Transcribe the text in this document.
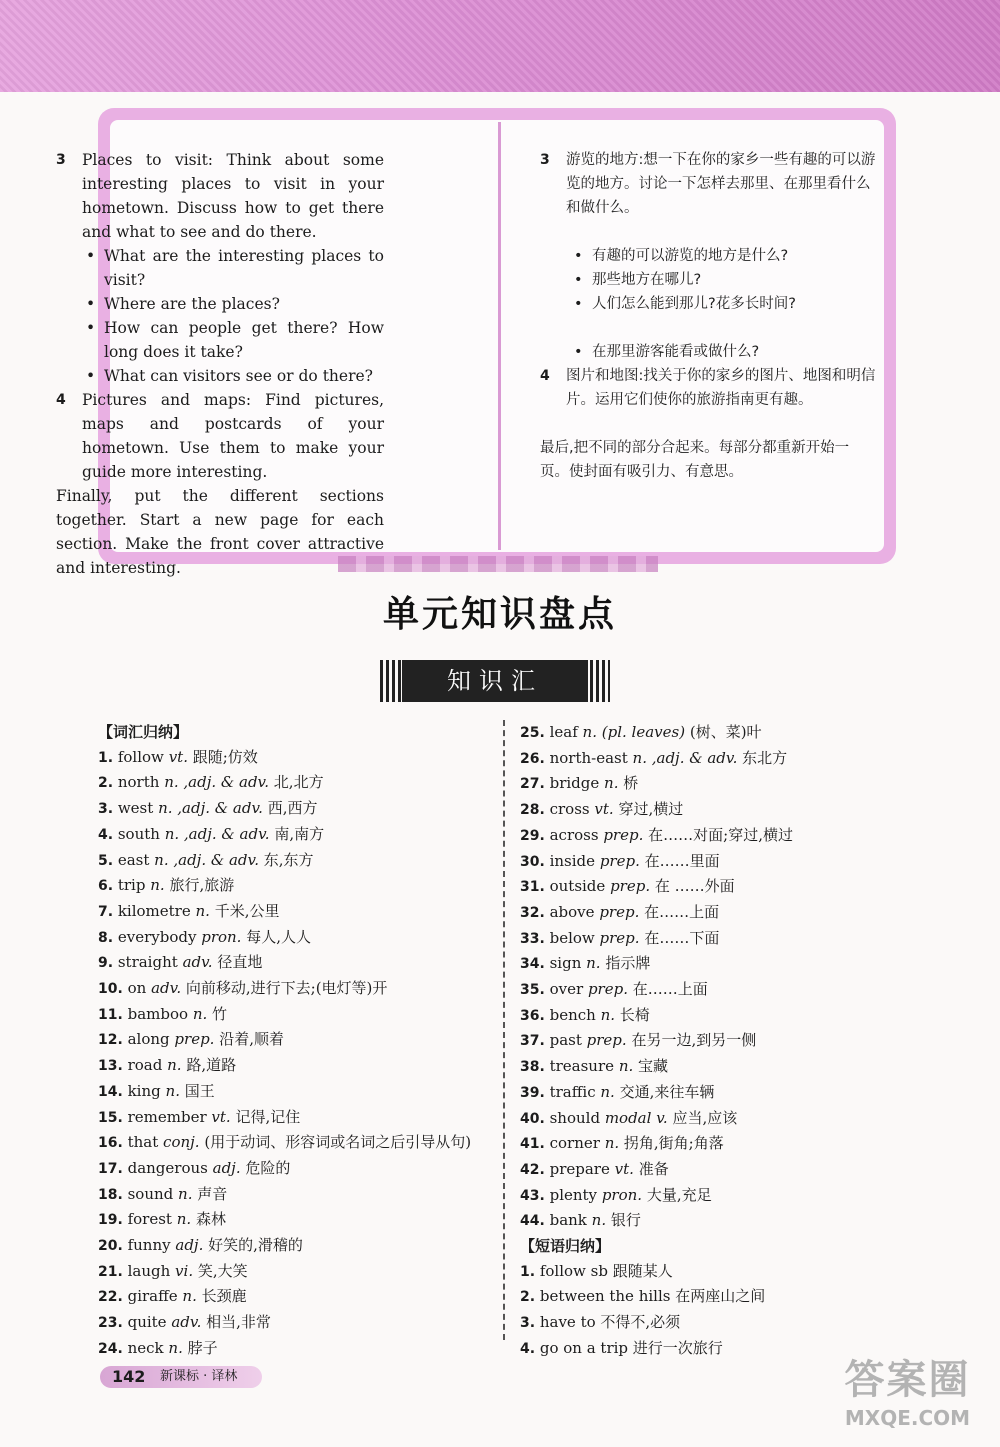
3 Places to visit: Think about some interesting places to visit in your hometown. Discuss how to get there and what to see and do there.
• What are the interesting places to visit?
• Where are the places?
• How can people get there? How long does it take?
• What can visitors see or do there?
4 Pictures and maps: Find pictures, maps and postcards of your hometown. Use them to make your guide more interesting.
Finally, put the different sections together. Start a new page for each section. Make the front cover attractive and interesting.
3 游览的地方:想一下在你的家乡一些有趣的可以游览的地方。讨论一下怎样去那里、在那里看什么和做什么。
• 有趣的可以游览的地方是什么?
• 那些地方在哪儿?
• 人们怎么能到那儿?花多长时间?
• 在那里游客能看或做什么?
4 图片和地图:找关于你的家乡的图片、地图和明信片。运用它们使你的旅游指南更有趣。
最后,把不同的部分合起来。每部分都重新开始一页。使封面有吸引力、有意思。
单元知识盘点
知识汇
【词汇归纳】
1. follow vt. 跟随;仿效
2. north n. ,adj. & adv. 北,北方
3. west n. ,adj. & adv. 西,西方
4. south n. ,adj. & adv. 南,南方
5. east n. ,adj. & adv. 东,东方
6. trip n. 旅行,旅游
7. kilometre n. 千米,公里
8. everybody pron. 每人,人人
9. straight adv. 径直地
10. on adv. 向前移动,进行下去;(电灯等)开
11. bamboo n. 竹
12. along prep. 沿着,顺着
13. road n. 路,道路
14. king n. 国王
15. remember vt. 记得,记住
16. that conj. (用于动词、形容词或名词之后引导从句)
17. dangerous adj. 危险的
18. sound n. 声音
19. forest n. 森林
20. funny adj. 好笑的,滑稽的
21. laugh vi. 笑,大笑
22. giraffe n. 长颈鹿
23. quite adv. 相当,非常
24. neck n. 脖子
25. leaf n. (pl. leaves) (树、菜)叶
26. north-east n. ,adj. & adv. 东北方
27. bridge n. 桥
28. cross vt. 穿过,横过
29. across prep. 在……对面;穿过,横过
30. inside prep. 在……里面
31. outside prep. 在 ……外面
32. above prep. 在……上面
33. below prep. 在……下面
34. sign n. 指示牌
35. over prep. 在……上面
36. bench n. 长椅
37. past prep. 在另一边,到另一侧
38. treasure n. 宝藏
39. traffic n. 交通,来往车辆
40. should modal v. 应当,应该
41. corner n. 拐角,街角;角落
42. prepare vt. 准备
43. plenty pron. 大量,充足
44. bank n. 银行
【短语归纳】
1. follow sb 跟随某人
2. between the hills 在两座山之间
3. have to 不得不,必须
4. go on a trip 进行一次旅行
142 新课标 · 译林	答案圈
MXQE.COM
